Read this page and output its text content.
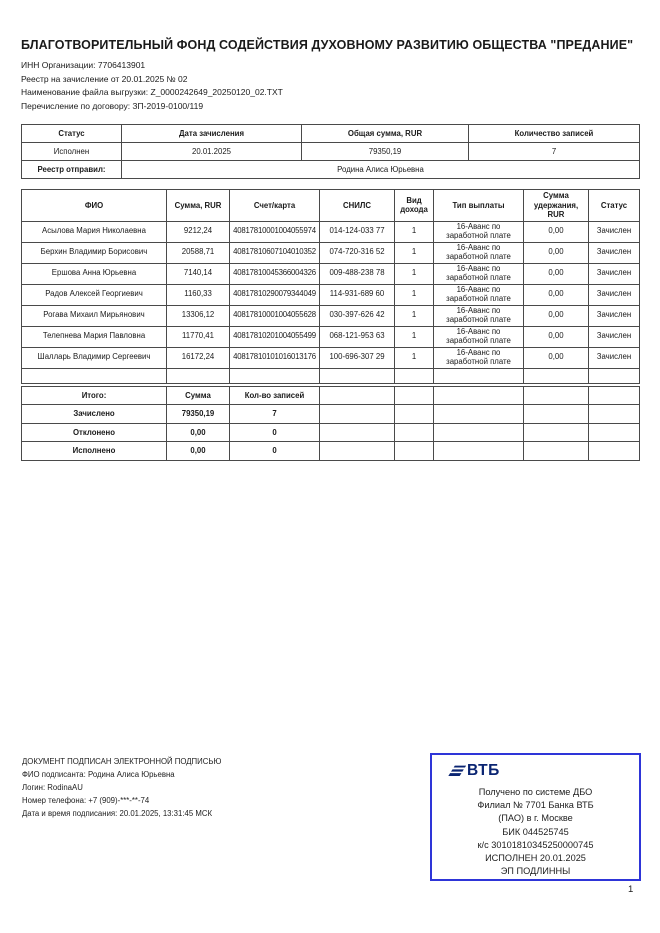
БЛАГОТВОРИТЕЛЬНЫЙ ФОНД СОДЕЙСТВИЯ ДУХОВНОМУ РАЗВИТИЮ ОБЩЕСТВА "ПРЕДАНИЕ"
ИНН Организации: 7706413901
Реестр на зачисление от 20.01.2025 № 02
Наименование файла выгрузки: Z_0000242649_20250120_02.TXT
Перечисление по договору: ЗП-2019-0100/119
Статус	Дата зачисления	Общая сумма, RUR	Количество записей
Исполнен	20.01.2025	79350,19	7
Реестр отправил:	Родина Алиса Юрьевна		
ФИО	Сумма, RUR	Счет/карта	СНИЛС	Вид дохода	Тип выплаты	Сумма удержания, RUR	Статус
Асылова Мария Николаевна	9212,24	40817810001004055974	014-124-033 77	1	16-Аванс по заработной плате	0,00	Зачислен
Берхин Владимир Борисович	20588,71	40817810607104010352	074-720-316 52	1	16-Аванс по заработной плате	0,00	Зачислен
Ершова Анна Юрьевна	7140,14	40817810045366004326	009-488-238 78	1	16-Аванс по заработной плате	0,00	Зачислен
Радов Алексей Георгиевич	1160,33	40817810290079344049	114-931-689 60	1	16-Аванс по заработной плате	0,00	Зачислен
Рогава Михаил Мирьянович	13306,12	40817810001004055628	030-397-626 42	1	16-Аванс по заработной плате	0,00	Зачислен
Телепнева Мария Павловна	11770,41	40817810201004055499	068-121-953 63	1	16-Аванс по заработной плате	0,00	Зачислен
Шалларь Владимир Сергеевич	16172,24	40817810101016013176	100-696-307 29	1	16-Аванс по заработной плате	0,00	Зачислен

Итого:	Сумма	Кол-во записей					
Зачислено	79350,19	7					
Отклонено	0,00	0					
Исполнено	0,00	0					
ДОКУМЕНТ ПОДПИСАН ЭЛЕКТРОННОЙ ПОДПИСЬЮ
ФИО подписанта: Родина Алиса Юрьевна
Логин: RodinaAU
Номер телефона: +7 (909)-***-**-74
Дата и время подписания: 20.01.2025, 13:31:45 МСК
ВТБ
Получено по системе ДБО
Филиал № 7701 Банка ВТБ
(ПАО) в г. Москве
БИК 044525745
к/с 30101810345250000745
ИСПОЛНЕН 20.01.2025
ЭП ПОДЛИННЫ
1
